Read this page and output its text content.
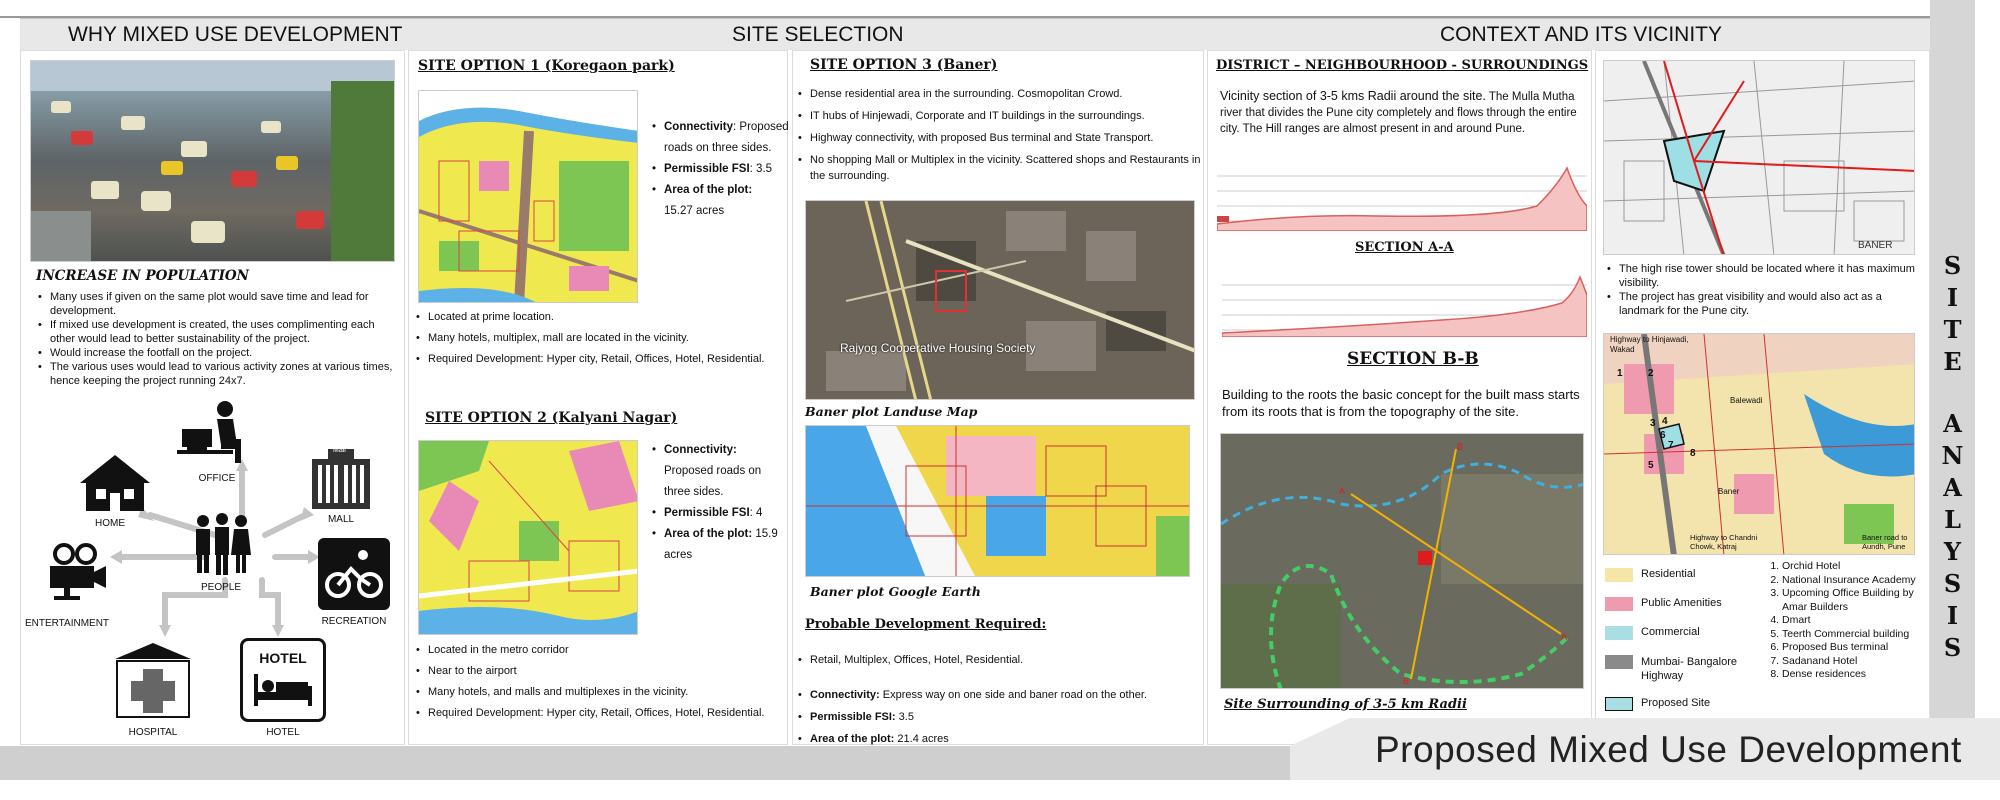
WHY MIXED USE DEVELOPMENT	SITE SELECTION	CONTEXT AND ITS VICINITY
S
I
T
E
A
N
A
L
Y
S
I
S
Proposed Mixed Use Development
INCREASE IN POPULATION
• Many uses if given on the same plot would save time and lead for development.
• If mixed use development is created, the uses complimenting each other would lead to better sustainability of the project.
• Would increase the footfall on the project.
• The various uses would lead to various activity zones at various times, hence keeping the project running 24x7.
OFFICE
HOME
Mall
MALL
PEOPLE
ENTERTAINMENT	RECREATION
HOSPITAL
HOTEL
HOTEL
SITE OPTION 1 (Koregaon park)
• Connectivity: Proposed roads on three sides.
• Permissible FSI: 3.5
• Area of the plot:
15.27 acres
• Located at prime location.
• Many hotels, multiplex, mall are located in the vicinity.
• Required Development: Hyper city, Retail, Offices, Hotel, Residential.
SITE OPTION 2 (Kalyani Nagar)
• Connectivity:
Proposed roads on three sides.
• Permissible FSI: 4
• Area of the plot: 15.9 acres
• Located in the metro corridor
• Near to the airport
• Many hotels, and malls and multiplexes in the vicinity.
• Required Development: Hyper city, Retail, Offices, Hotel, Residential.
SITE OPTION 3 (Baner)
• Dense residential area in the surrounding. Cosmopolitan Crowd.
• IT hubs of Hinjewadi, Corporate and IT buildings in the surroundings.
• Highway connectivity, with proposed Bus terminal and State Transport.
• No shopping Mall or Multiplex in the vicinity. Scattered shops and Restaurants in the surrounding.
Rajyog Cooperative Housing Society
Baner plot Landuse Map
Baner plot Google Earth
Probable Development Required:
• Retail, Multiplex, Offices, Hotel, Residential.
• Connectivity: Express way on one side and baner road on the other.
• Permissible FSI: 3.5
• Area of the plot: 21.4 acres
DISTRICT – NEIGHBOURHOOD - SURROUNDINGS
Vicinity section of 3-5 kms Radii around the site. The Mulla Mutha river that divides the Pune city completely and flows through the entire city. The Hill ranges are almost present in and around Pune.
SECTION A-A
SECTION B-B
Building to the roots the basic concept for the built mass starts from its roots that is from the topography of the site.
B
B
A
A
Site Surrounding of 3-5 km Radii
BANER
• The high rise tower should be located where it has maximum visibility.
• The project has great visibility and would also act as a landmark for the Pune city.
Highway to Hinjawadi, Wakad
Balewadi
Baner
Highway to Chandni Chowk, Katraj
Baner road to Aundh, Pune
1	2
3 4
5
6
7
8
Residential
Public Amenities
Commercial
Mumbai- Bangalore Highway
Proposed Site
1. Orchid Hotel
2. National Insurance Academy
3. Upcoming Office Building by Amar Builders
4. Dmart
5. Teerth Commercial building
6. Proposed Bus terminal
7. Sadanand Hotel
8. Dense residences
